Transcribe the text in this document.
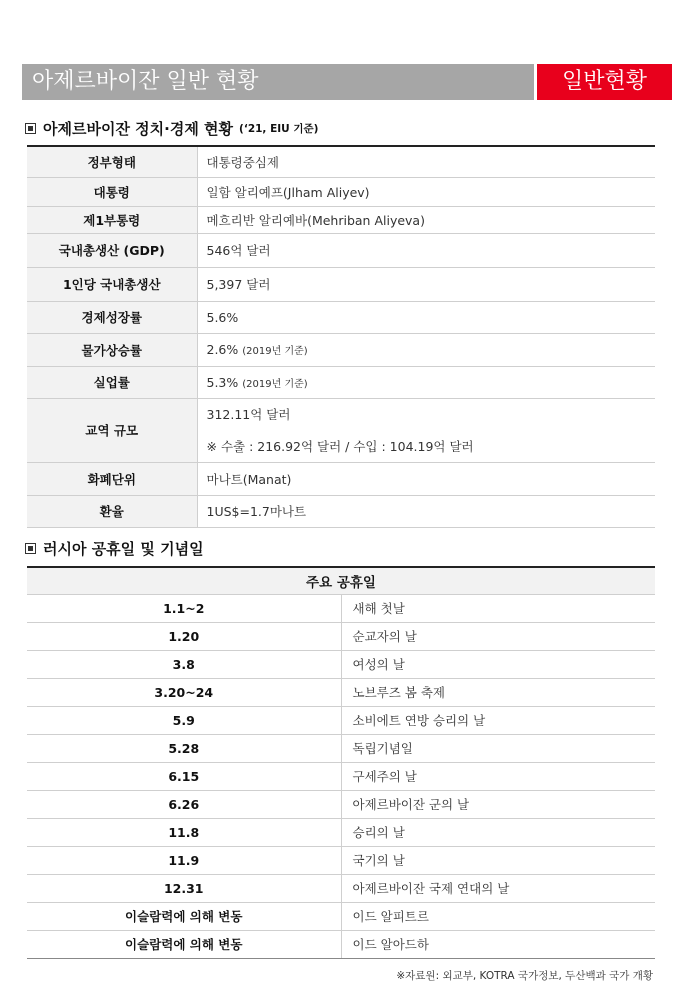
아제르바이잔 일반 현황	일반현황
아제르바이잔 정치·경제 현황 (‘21, EIU 기준)
정부형태	대통령중심제
대통령	일함 알리예프(Jlham Aliyev)
제1부통령	메흐리반 알리예바(Mehriban Aliyeva)
국내총생산 (GDP)	546억 달러
1인당 국내총생산	5,397 달러
경제성장률	5.6%
물가상승률	2.6% (2019년 기준)
실업률	5.3% (2019년 기준)
교역 규모	312.11억 달러
※ 수출 : 216.92억 달러 / 수입 : 104.19억 달러

화폐단위	마나트(Manat)
환율	1US$=1.7마나트
러시아 공휴일 및 기념일
주요 공휴일	
1.1~2	새해 첫날
1.20	순교자의 날
3.8	여성의 날
3.20~24	노브루즈 봄 축제
5.9	소비에트 연방 승리의 날
5.28	독립기념일
6.15	구세주의 날
6.26	아제르바이잔 군의 날
11.8	승리의 날
11.9	국기의 날
12.31	아제르바이잔 국제 연대의 날
이슬람력에 의해 변동	이드 알피트르
이슬람력에 의해 변동	이드 알아드하
※자료원: 외교부, KOTRA 국가정보, 두산백과 국가 개황
